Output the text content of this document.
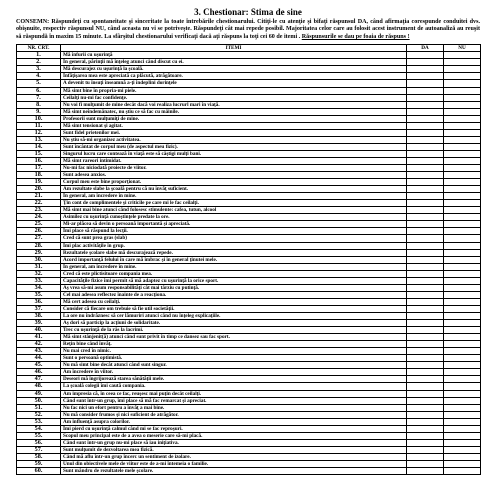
3. Chestionar: Stima de sine
CONSEMN: Răspundeţi cu spontaneitate şi sinceritate la toate întrebările chestionarului. Citiţi-le cu atenţie şi bifaţi răspunsul DA, când afirmaţia corespunde conduitei dvs. obişnuite, respectiv răspunsul NU, când aceasta nu vi se potriveşte. Răspundeţi cât mai repede posibil. Majoritatea celor care au folosit acest instrument de autoanaliză au reuşit să răspundă în maxim 15 minute. La sfârşitul chestionarului verificaţi dacă aţi răspuns la toţi cei 60 de itemi . Răspunsurile se dau pe foaia de răspuns !
NR. CRT.	ITEMI	DA	NU
1.	Mă înfurii cu uşurinţă		
2.	În general, părinţii mă înţeleg atunci când discut cu ei.		
3.	Mă descurajez cu uşurinţă la şcoală.		
4.	Înfăţişarea mea este apreciată ca plăcută, atrăgătoare.		
5.	A devenit tu însuţi înseamnă a-ţi îndeplini dorinţele		
6.	Mă simt bine în propria-mi piele.		
7.	Ceilalţi nu-mi fac confidenţe.		
8.	Nu voi fi mulţumit de mine decât dacă voi realiza lucrurl mari în viaţă.		
9.	Mă simt neîndemânatec, nu ştiu ce să fac cu mâinile.		
10.	Profesorii sunt mulţumiţi de mine.		
11.	Mă simt tensionat şi agitat.		
12.	Sunt fidel prietenilor mei.		
13.	Nu ştiu să-mi organizez activitatea.		
14.	Sunt încântat de corpul meu (de aspectul meu fizic).		
15.	Singurul lucru care contează în viaţă este să câştigi mulţi bani.		
16.	Mă simt rareori intimidat.		
17.	Nu-mi fac niciodată proiecte de viitor.		
18.	Sunt adesea anxios.		
19.	Corpul meu este bine proporţionat.		
20.	Am rezultate slabe la şcoală pentru că nu învăţ suficient.		
21.	În general, am încredere în mine.		
22.	Ţin cont de complimentele şi criticile pe care mi le fac ceilalţi.		
23.	Mă simt mai bine atunci când folosesc stimulente: cafea, tutun, alcool		
24.	Asimilez cu uşurinţă cunoştinţele predate la ore.		
25.	Mi-ar plăcea să devin o persoană importantă şi apreciată.		
26.	Îmi place să răspund la lecţii.		
27.	Cred că sunt prea gras (slab)		
28.	Îmi plac activităţile în grup.		
29.	Rezultatele şcolare slabe mă descurajează repede.		
30.	Acord importanţă felului în care mă îmbrac şi în general ţinutei mele.		
31.	În general, am încredere în mine.		
32.	Cred că este plictisitoare compania mea.		
33.	Capacităţile fizice îmi permit să mă adaptez cu uşurinţă la orice sport.		
34.	Aş vrea să-mi asum responsabilităţi cât mai târziu cu putinţă.		
35.	Cel mai adesea reflectez înainte de a reacţiona.		
36.	Mă cert adesea cu ceilalţi.		
37.	Consider că fiecare om trebuie să fie util societăţii.		
38.	La ore nu îndrăznesc să cer lămuriri atunci când nu înţeleg explicaţiile.		
39.	Aş dori să particip la acţiuni de solidaritate.		
40.	Trec cu uşurinţă de la râs la lacrimi.		
41.	Mă simt stânjenit(ă) atunci când sunt privit în timp ce dansez sau fac sport.		
42.	Reţin bine când învăţ.		
43.	Nu mai cred în nimic.		
44.	Sunt o persoană optimistă.		
45.	Nu mă simt bine decât atunci când sunt singur.		
46.	Am încredere în viitor.		
47.	Deseori mă îngrijorează starea sănătăţii mele.		
48.	La şcoală colegii îmi caută compania.		
49.	Am impresia că, în ceea ce fac, reuşesc mai puţin decât ceilalţi.		
50.	Când sunt într-un grup, îmi place să mă fac remarcat şi apreciat.		
51.	Nu fac nici un efort pentru a învăţ a mai bine.		
52.	Nu mă consider frumos şi nici suficient de atrăgător.		
53.	Am influenţă asupra colorilor.		
54.	Îmi pierd cu uşurinţă calmul când mi se fac reproşuri.		
55.	Scopul meu principal este de a avea o meserie care să-mi placă.		
56.	Când sunt într-un grup nu-mi place să iau iniţiativa.		
57.	Sunt mulţumit de dezvoltarea mea fizică.		
58.	Când mă aflu într-un grup încerc un sentiment de izolare.		
59.	Unul din obiectivele mele de viitor este de a-mi întemeia o familie.		
60.	Sunt mândru de rezultatele mele şcolare.		
